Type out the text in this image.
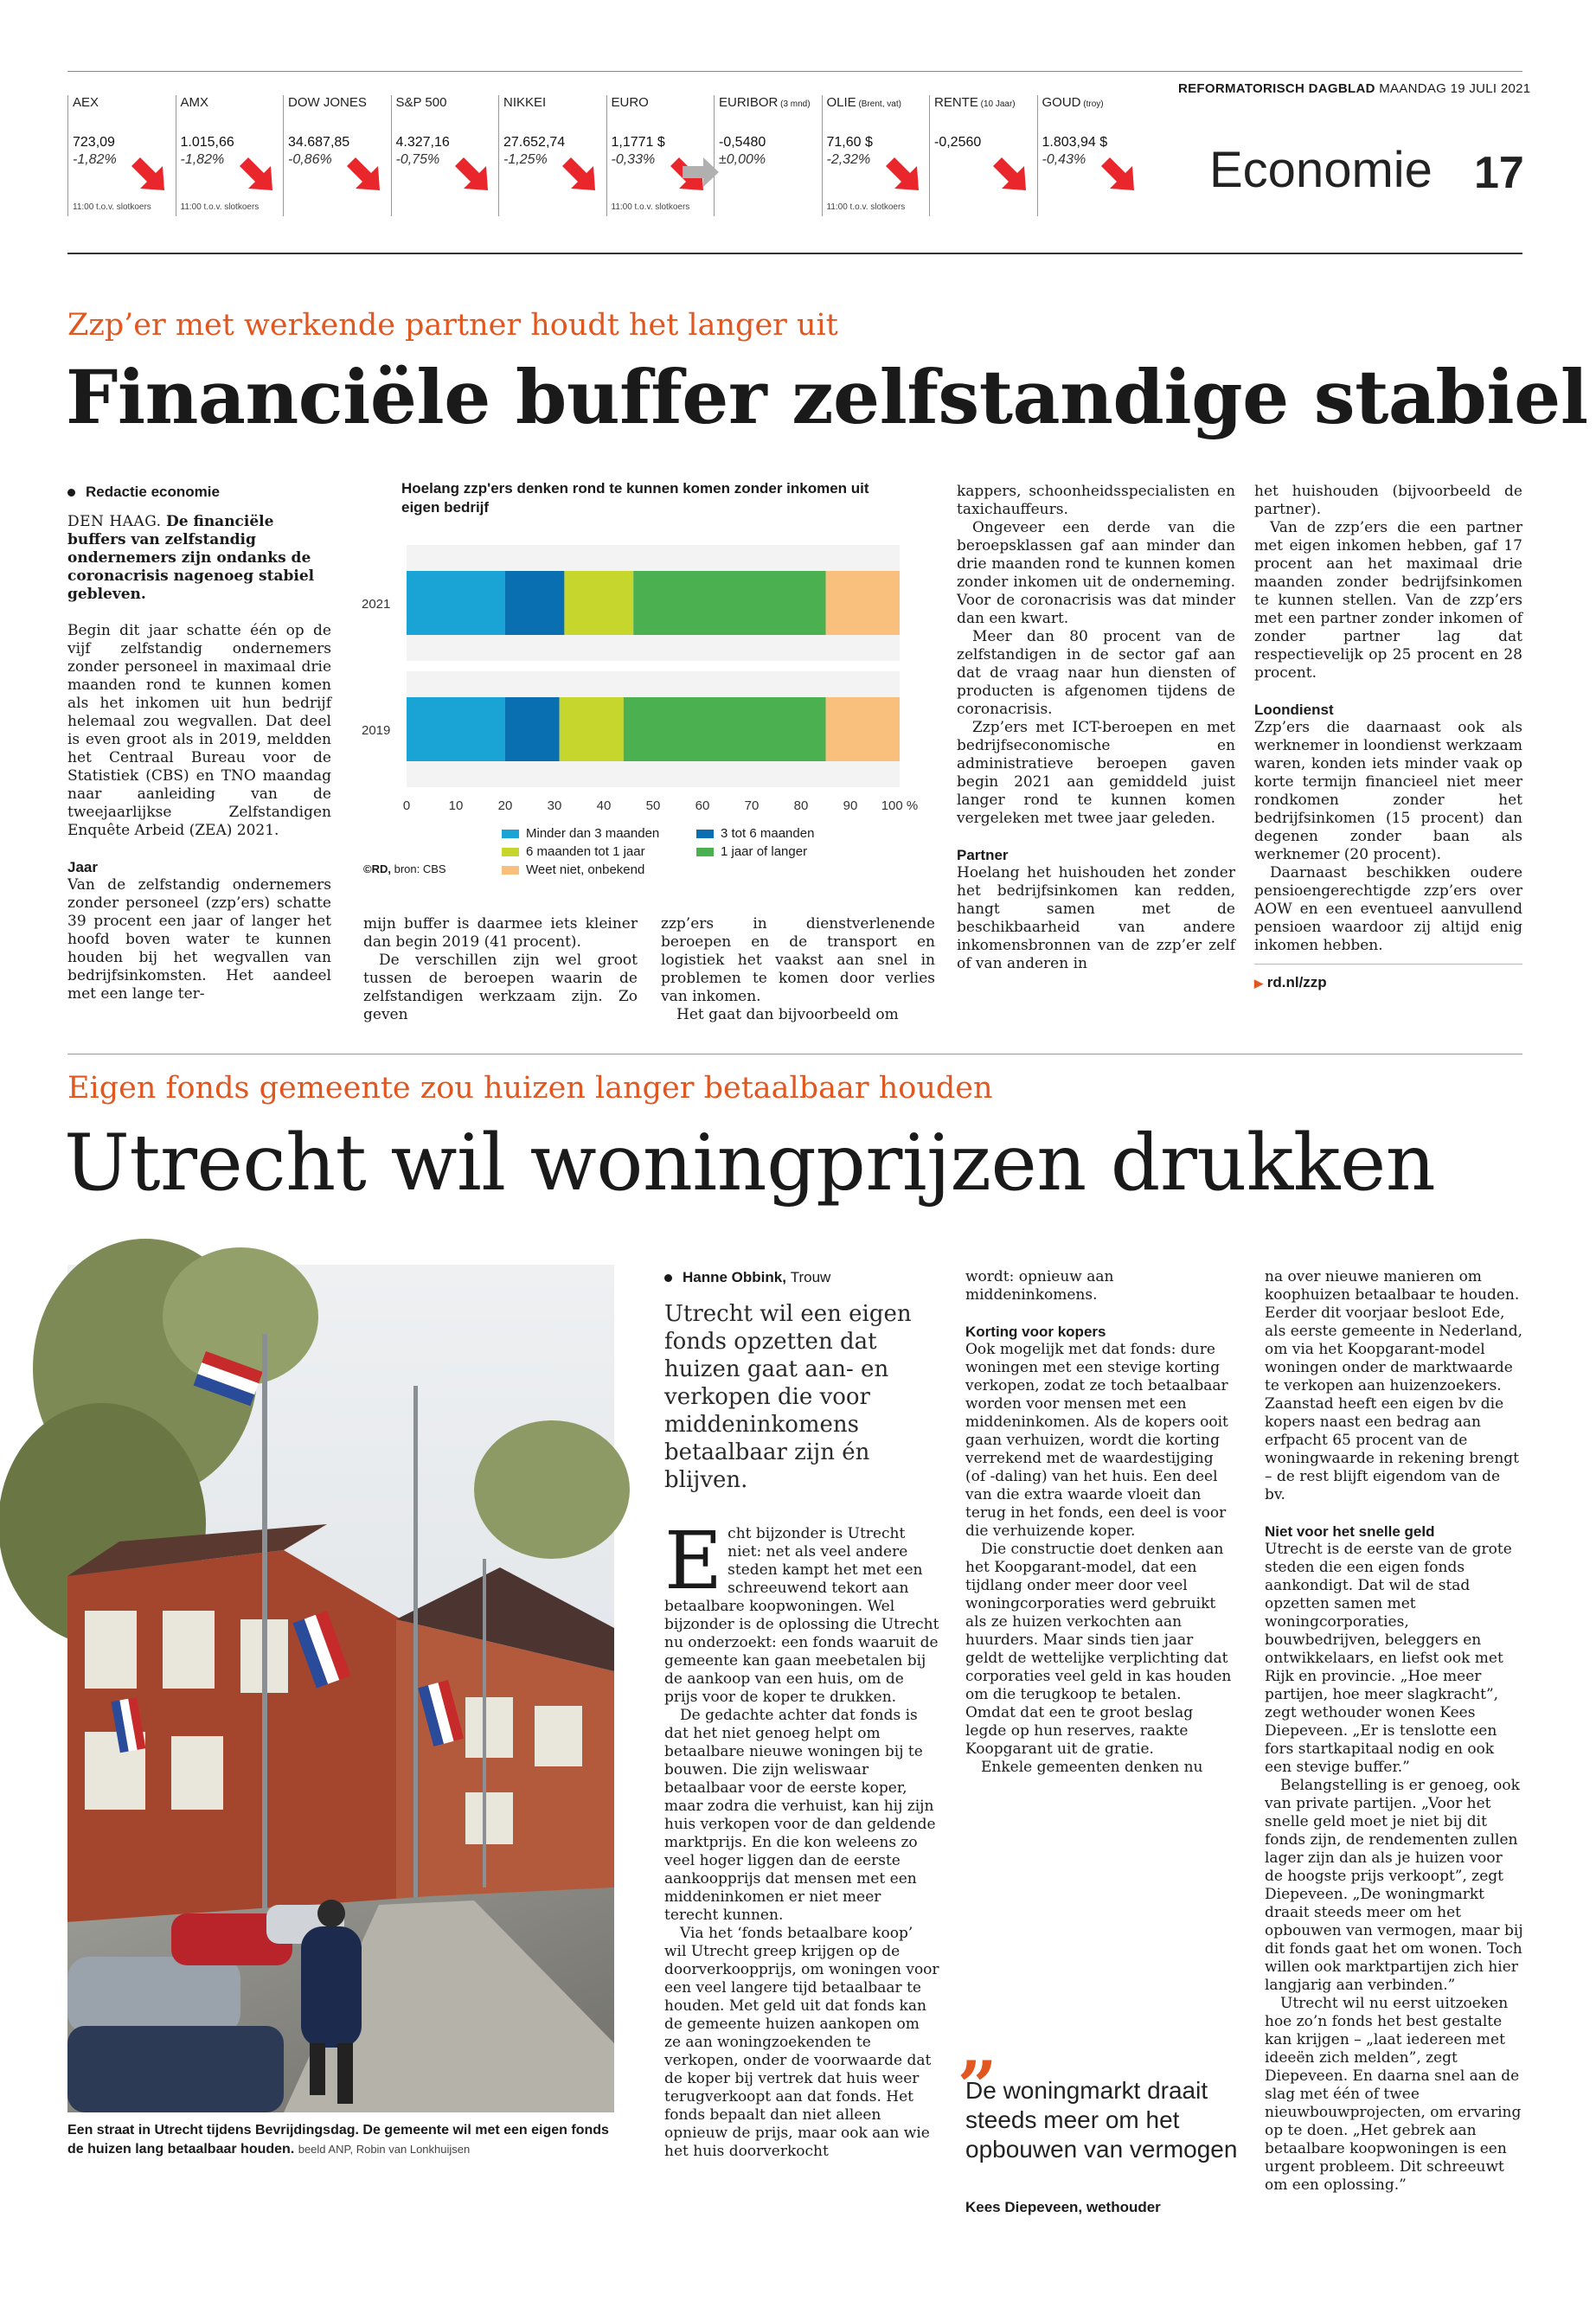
AEX
723,09
-1,82%
11:00 t.o.v. slotkoers
AMX
1.015,66
-1,82%
11:00 t.o.v. slotkoers
DOW JONES
34.687,85
-0,86%
S&P 500
4.327,16
-0,75%
NIKKEI
27.652,74
-1,25%
EURO
1,1771 $
-0,33%
11:00 t.o.v. slotkoers
EURIBOR (3 mnd)
-0,5480
±0,00%
OLIE (Brent, vat)
71,60 $
-2,32%
11:00 t.o.v. slotkoers
RENTE (10 Jaar)
-0,2560
GOUD (troy)
1.803,94 $
-0,43%
REFORMATORISCH DAGBLAD MAANDAG 19 JULI 2021
Economie 17
Zzp’er met werkende partner houdt het langer uit
Financiële buffer zelfstandige stabiel
Redactie economie

DEN HAAG. De financiële buffers van zelfstandig ondernemers zijn ondanks de coronacrisis nagenoeg stabiel gebleven.

Begin dit jaar schatte één op de vijf zelfstandig ondernemers zonder personeel in maximaal drie maanden rond te kunnen komen als het inkomen uit hun bedrijf helemaal zou wegvallen. Dat deel is even groot als in 2019, meldden het Centraal Bureau voor de Statistiek (CBS) en TNO maandag naar aanleiding van de tweejaarlijkse Zelfstandigen Enquête Arbeid (ZEA) 2021.

Jaar

Van de zelfstandig ondernemers zonder personeel (zzp’ers) schatte 39 procent een jaar of langer het hoofd boven water te kunnen houden bij het wegvallen van bedrijfsinkomsten. Het aandeel met een lange ter-

Hoelang zzp'ers denken rond te kunnen komen zonder inkomen uit eigen bedrijf
2021
2019
0	10	20	30	40	50	60	70	80	90 100 %
Minder dan 3 maanden	3 tot 6 maanden
6 maanden tot 1 jaar	1 jaar of langer
Weet niet, onbekend
©RD, bron: CBS

mijn buffer is daarmee iets kleiner dan begin 2019 (41 procent).

De verschillen zijn wel groot tussen de beroepen waarin de zelfstandigen werkzaam zijn. Zo geven

zzp’ers in dienstverlenende beroepen en de transport en logistiek het vaakst aan snel in problemen te komen door verlies van inkomen.

Het gaat dan bijvoorbeeld om

kappers, schoonheidsspecialisten en taxichauffeurs.

Ongeveer een derde van die beroepsklassen gaf aan minder dan drie maanden rond te kunnen komen zonder inkomen uit de onderneming. Voor de coronacrisis was dat minder dan een kwart.

Meer dan 80 procent van de zelfstandigen in de sector gaf aan dat de vraag naar hun diensten of producten is afgenomen tijdens de coronacrisis.

Zzp’ers met ICT-beroepen en met bedrijfseconomische en administratieve beroepen gaven begin 2021 aan gemiddeld juist langer rond te kunnen komen vergeleken met twee jaar geleden.

Partner

Hoelang het huishouden het zonder het bedrijfsinkomen kan redden, hangt samen met de beschikbaarheid van andere inkomensbronnen van de zzp’er zelf of van anderen in

het huishouden (bijvoorbeeld de partner).

Van de zzp’ers die een partner met eigen inkomen hebben, gaf 17 procent aan het maximaal drie maanden zonder bedrijfsinkomen te kunnen stellen. Van de zzp’ers met een partner zonder inkomen of zonder partner lag dat respectievelijk op 25 procent en 28 procent.

Loondienst

Zzp’ers die daarnaast ook als werknemer in loondienst werkzaam waren, konden iets minder vaak op korte termijn financieel niet meer rondkomen zonder het bedrijfsinkomen (15 procent) dan degenen zonder baan als werknemer (20 procent).

Daarnaast beschikken oudere pensioengerechtigde zzp’ers over AOW en een eventueel aanvullend pensioen waardoor zij altijd enig inkomen hebben.

▶ rd.nl/zzp

Eigen fonds gemeente zou huizen langer betaalbaar houden
Utrecht wil woningprijzen drukken
Een straat in Utrecht tijdens Bevrijdingsdag. De gemeente wil met een eigen fonds de huizen lang betaalbaar houden. beeld ANP, Robin van Lonkhuijsen
Hanne Obbink, Trouw

Utrecht wil een eigen fonds opzetten dat huizen gaat aan- en verkopen die voor middeninkomens betaalbaar zijn én blijven.

Echt bijzonder is Utrecht niet: net als veel andere steden kampt het met een schreeuwend tekort aan betaalbare koopwoningen. Wel bijzonder is de oplossing die Utrecht nu onderzoekt: een fonds waaruit de gemeente kan gaan meebetalen bij de aankoop van een huis, om de prijs voor de koper te drukken.

De gedachte achter dat fonds is dat het niet genoeg helpt om betaalbare nieuwe woningen bij te bouwen. Die zijn weliswaar betaalbaar voor de eerste koper, maar zodra die verhuist, kan hij zijn huis verkopen voor de dan geldende marktprijs. En die kon weleens zo veel hoger liggen dan de eerste aankoopprijs dat mensen met een middeninkomen er niet meer terecht kunnen.

Via het ‘fonds betaalbare koop’ wil Utrecht greep krijgen op de doorverkoopprijs, om woningen voor een veel langere tijd betaalbaar te houden. Met geld uit dat fonds kan de gemeente huizen aankopen om ze aan woningzoekenden te verkopen, onder de voorwaarde dat de koper bij vertrek dat huis weer terugverkoopt aan dat fonds. Het fonds bepaalt dan niet alleen opnieuw de prijs, maar ook aan wie het huis doorverkocht

wordt: opnieuw aan middeninkomens.

Korting voor kopers

Ook mogelijk met dat fonds: dure woningen met een stevige korting verkopen, zodat ze toch betaalbaar worden voor mensen met een middeninkomen. Als de kopers ooit gaan verhuizen, wordt die korting verrekend met de waardestijging (of -daling) van het huis. Een deel van die extra waarde vloeit dan terug in het fonds, een deel is voor die verhuizende koper.

Die constructie doet denken aan het Koopgarant-model, dat een tijdlang onder meer door veel woningcorporaties werd gebruikt als ze huizen verkochten aan huurders. Maar sinds tien jaar geldt de wettelijke verplichting dat corporaties veel geld in kas houden om die terugkoop te betalen. Omdat dat een te groot beslag legde op hun reserves, raakte Koopgarant uit de gratie.

Enkele gemeenten denken nu

„
De woningmarkt draait steeds meer om het opbouwen van vermogen
Kees Diepeveen, wethouder

na over nieuwe manieren om koophuizen betaalbaar te houden. Eerder dit voorjaar besloot Ede, als eerste gemeente in Nederland, om via het Koopgarant-model woningen onder de marktwaarde te verkopen aan huizenzoekers. Zaanstad heeft een eigen bv die kopers naast een bedrag aan erfpacht 65 procent van de woningwaarde in rekening brengt – de rest blijft eigendom van de bv.

Niet voor het snelle geld

Utrecht is de eerste van de grote steden die een eigen fonds aankondigt. Dat wil de stad opzetten samen met woningcorporaties, bouwbedrijven, beleggers en ontwikkelaars, en liefst ook met Rijk en provincie. „Hoe meer partijen, hoe meer slagkracht”, zegt wethouder wonen Kees Diepeveen. „Er is tenslotte een fors startkapitaal nodig en ook een stevige buffer.”

Belangstelling is er genoeg, ook van private partijen. „Voor het snelle geld moet je niet bij dit fonds zijn, de rendementen zullen lager zijn dan als je huizen voor de hoogste prijs verkoopt”, zegt Diepeveen. „De woningmarkt draait steeds meer om het opbouwen van vermogen, maar bij dit fonds gaat het om wonen. Toch willen ook marktpartijen zich hier langjarig aan verbinden.”

Utrecht wil nu eerst uitzoeken hoe zo’n fonds het best gestalte kan krijgen – „laat iedereen met ideeën zich melden”, zegt Diepeveen. En daarna snel aan de slag met één of twee nieuwbouwprojecten, om ervaring op te doen. „Het gebrek aan betaalbare koopwoningen is een urgent probleem. Dit schreeuwt om een oplossing.”
